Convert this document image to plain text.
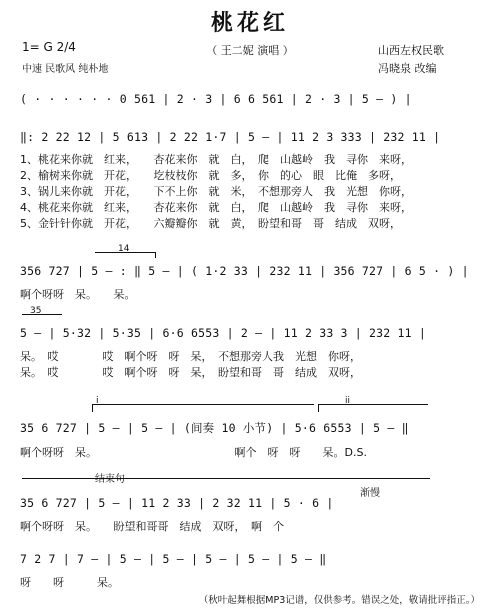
桃花红
（ 王二妮 演唱 ）
1= G 2/4
中速 民歌风 纯朴地
山西左权民歌
冯晓泉 改编
( · · · · · · 0 561 | 2 · 3 | 6 6 561 | 2 · 3 | 5 – ) |
‖: 2 22 12 | 5 613 | 2 22 1·7 | 5 – | 11 2 3 333 | 232 11 |
1、桃花来你就　红来，　　杏花来你　就　白，　爬　山越岭　我　寻你　来呀，
2、榆树来你就　开花，　　圪枝枝你　就　多，　你　的心　眼　比俺　多呀，
3、锅儿来你就　开花，　　下不上你　就　米，　不想那旁人　我　光想　你呀，
4、桃花来你就　红来，　　杏花来你　就　白，　爬　山越岭　我　寻你　来呀，
5、金针针你就　开花，　　六瓣瓣你　就　黄，　盼望和哥　哥　结成　双呀，
14
356 727 | 5 – : ‖ 5 – | ( 1·2 33 | 232 11 | 356 727 | 6 5 · ) |
啊个呀呀　呆。　　呆。
35
5 – | 5·32 | 5·35 | 6·6 6553 | 2 – | 11 2 33 3 | 232 11 |
呆。　哎　　　　哎　啊个呀　呀　呆，　不想那旁人我　光想　你呀，
呆。　哎　　　　哎　啊个呀　呀　呆，　盼望和哥　哥　结成　双呀，
i	ii
35 6 727 | 5 – | 5 – | (间奏 10 小节) | 5·6 6553 | 5 – ‖
啊个呀呀　呆。　　　　　　　　　　　　　啊个　呀　呀　　呆。D.S.
结束句
渐慢
35 6 727 | 5 – | 11 2 33 | 2 32 11 | 5 · 6 |
啊个呀呀　呆。　　盼望和哥哥　结成　双呀，　啊　个
7 2 7 | 7 – | 5 – | 5 – | 5 – | 5 – | 5 – ‖
呀　　呀　　　呆。
（秋叶起舞根据MP3记谱，仅供参考。错误之处，敬请批评指正。）
